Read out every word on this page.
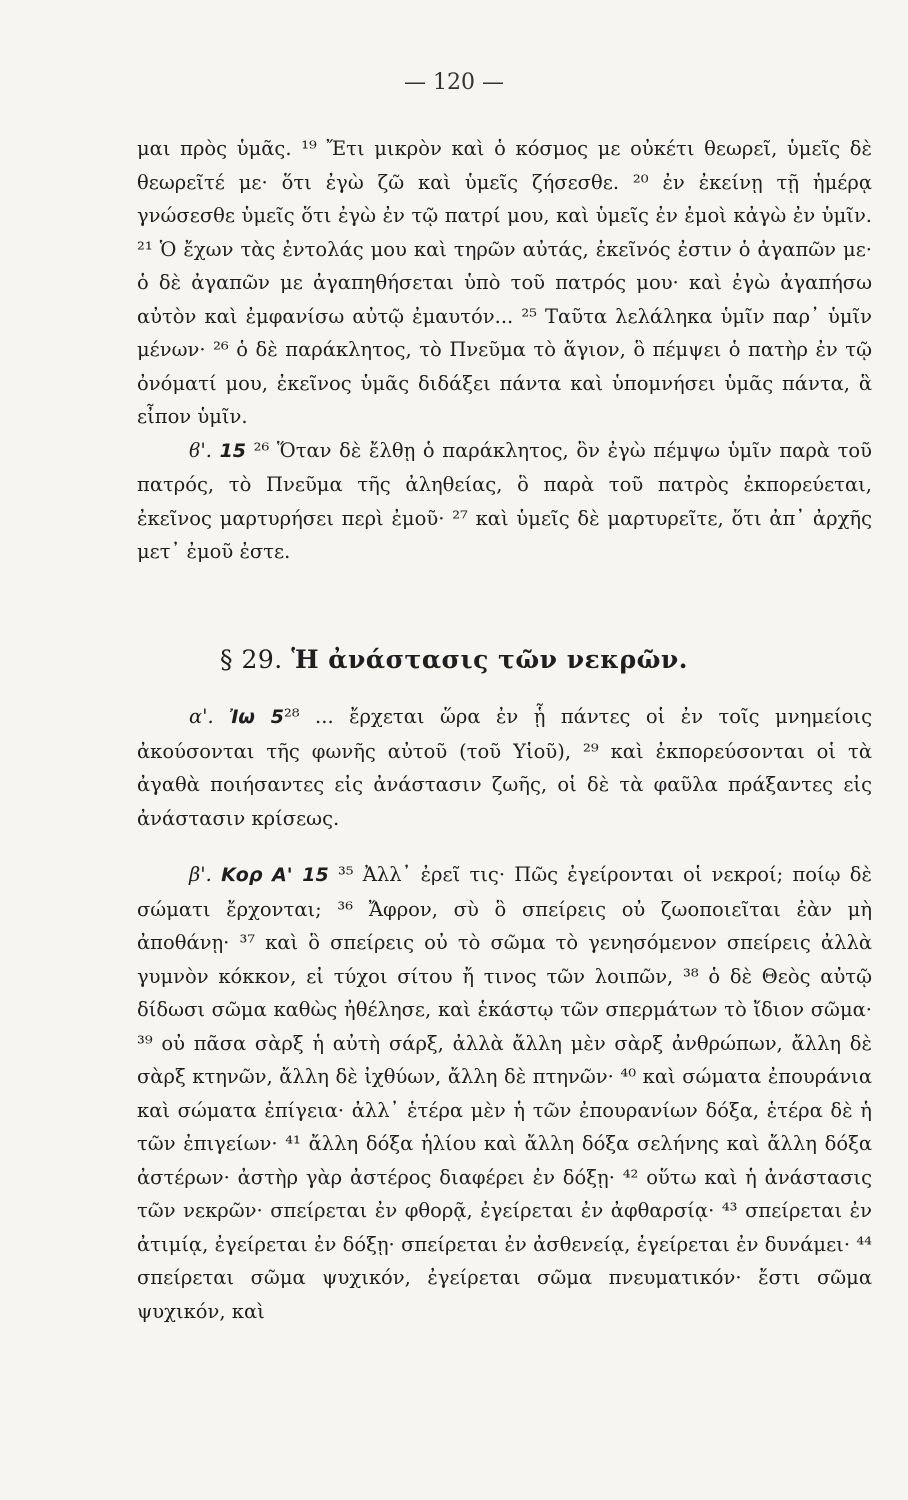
— 120 —

μαι πρὸς ὑμᾶς. ¹⁹ Ἔτι μικρὸν καὶ ὁ κόσμος με οὐκέτι θεωρεῖ, ὑμεῖς δὲ θεωρεῖτέ με· ὅτι ἐγὼ ζῶ καὶ ὑμεῖς ζήσεσθε. ²⁰ ἐν ἐκείνῃ τῇ ἡμέρᾳ γνώσεσθε ὑμεῖς ὅτι ἐγὼ ἐν τῷ πατρί μου, καὶ ὑμεῖς ἐν ἐμοὶ κἀγὼ ἐν ὑμῖν. ²¹ Ὁ ἔχων τὰς ἐντολάς μου καὶ τηρῶν αὐτάς, ἐκεῖνός ἐστιν ὁ ἀγαπῶν με· ὁ δὲ ἀγαπῶν με ἀγαπηθήσεται ὑπὸ τοῦ πατρός μου· καὶ ἐγὼ ἀγαπήσω αὐτὸν καὶ ἐμφανίσω αὐτῷ ἐμαυτόν... ²⁵ Ταῦτα λελάληκα ὑμῖν παρ᾽ ὑμῖν μένων· ²⁶ ὁ δὲ παράκλητος, τὸ Πνεῦμα τὸ ἅγιον, ὃ πέμψει ὁ πατὴρ ἐν τῷ ὀνόματί μου, ἐκεῖνος ὑμᾶς διδάξει πάντα καὶ ὑπομνήσει ὑμᾶς πάντα, ἃ εἶπον ὑμῖν.

ϐ'. 15 ²⁶ Ὅταν δὲ ἔλθῃ ὁ παράκλητος, ὃν ἐγὼ πέμψω ὑμῖν παρὰ τοῦ πατρός, τὸ Πνεῦμα τῆς ἀληθείας, ὃ παρὰ τοῦ πατρὸς ἐκπορεύεται, ἐκεῖνος μαρτυρήσει περὶ ἐμοῦ· ²⁷ καὶ ὑμεῖς δὲ μαρτυρεῖτε, ὅτι ἀπ᾽ ἀρχῆς μετ᾽ ἐμοῦ ἐστε.

§ 29. Ἡ ἀνάστασις τῶν νεκρῶν.

α'. Ἰω 5²⁸ ... ἔρχεται ὥρα ἐν ᾗ πάντες οἱ ἐν τοῖς μνημείοις ἀκούσονται τῆς φωνῆς αὐτοῦ (τοῦ Υἱοῦ), ²⁹ καὶ ἐκπορεύσονται οἱ τὰ ἀγαθὰ ποιήσαντες εἰς ἀνάστασιν ζωῆς, οἱ δὲ τὰ φαῦλα πράξαντες εἰς ἀνάστασιν κρίσεως.

β'. Κορ Α' 15 ³⁵ Ἀλλ᾽ ἐρεῖ τις· Πῶς ἐγείρονται οἱ νεκροί; ποίῳ δὲ σώματι ἔρχονται; ³⁶ Ἄφρον, σὺ ὃ σπείρεις οὐ ζωοποιεῖται ἐὰν μὴ ἀποθάνῃ· ³⁷ καὶ ὃ σπείρεις οὐ τὸ σῶμα τὸ γενησόμενον σπείρεις ἀλλὰ γυμνὸν κόκκον, εἰ τύχοι σίτου ἤ τινος τῶν λοιπῶν, ³⁸ ὁ δὲ Θεὸς αὐτῷ δίδωσι σῶμα καθὼς ἠθέλησε, καὶ ἑκάστῳ τῶν σπερμάτων τὸ ἴδιον σῶμα· ³⁹ οὐ πᾶσα σὰρξ ἡ αὐτὴ σάρξ, ἀλλὰ ἄλλη μὲν σὰρξ ἀνθρώπων, ἄλλη δὲ σὰρξ κτηνῶν, ἄλλη δὲ ἰχθύων, ἄλλη δὲ πτηνῶν· ⁴⁰ καὶ σώματα ἐπουράνια καὶ σώματα ἐπίγεια· ἀλλ᾽ ἑτέρα μὲν ἡ τῶν ἐπουρανίων δόξα, ἑτέρα δὲ ἡ τῶν ἐπιγείων· ⁴¹ ἄλλη δόξα ἡλίου καὶ ἄλλη δόξα σελήνης καὶ ἄλλη δόξα ἀστέρων· ἀστὴρ γὰρ ἀστέρος διαφέρει ἐν δόξῃ· ⁴² οὕτω καὶ ἡ ἀνάστασις τῶν νεκρῶν· σπείρεται ἐν φθορᾷ, ἐγείρεται ἐν ἀφθαρσίᾳ· ⁴³ σπείρεται ἐν ἀτιμίᾳ, ἐγείρεται ἐν δόξῃ· σπείρεται ἐν ἀσθενείᾳ, ἐγείρεται ἐν δυνάμει· ⁴⁴ σπείρεται σῶμα ψυχικόν, ἐγείρεται σῶμα πνευματικόν· ἔστι σῶμα ψυχικόν, καὶ
